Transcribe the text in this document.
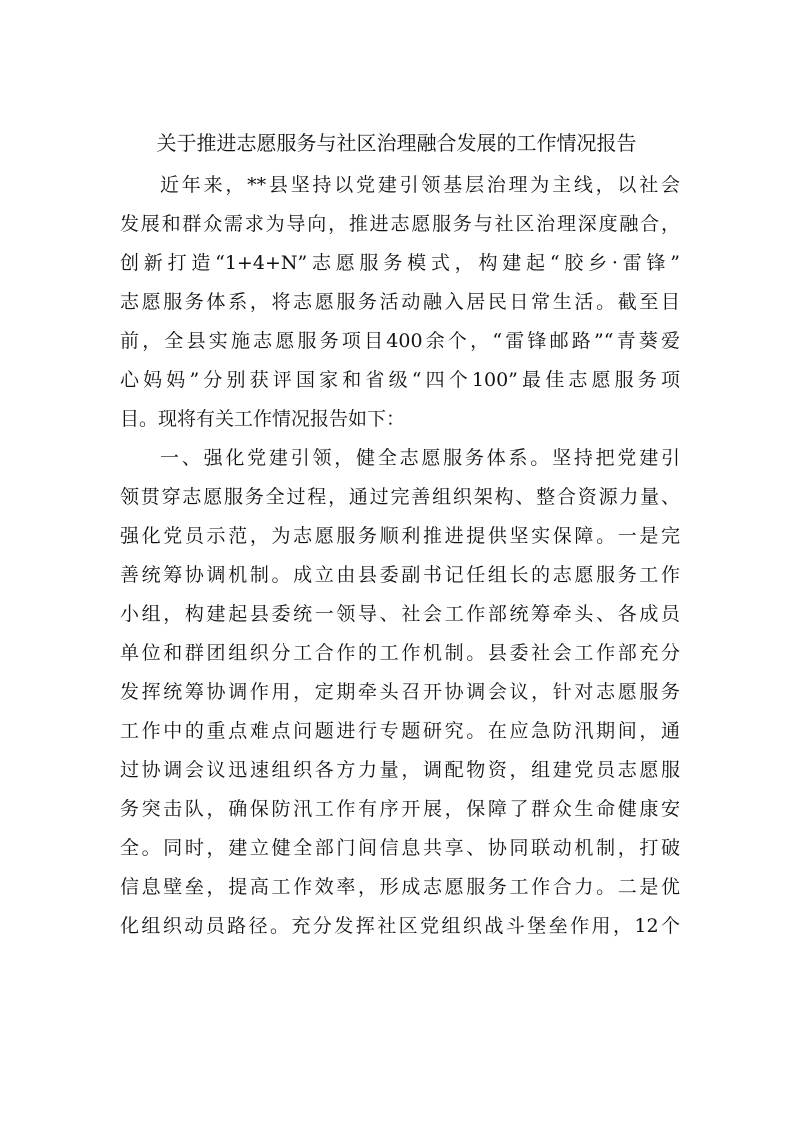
关于推进志愿服务与社区治理融合发展的工作情况报告
近年来，**县坚持以党建引领基层治理为主线，以社会
发展和群众需求为导向，推进志愿服务与社区治理深度融合，
创新打造“1+4+N”志愿服务模式，构建起“胶乡·雷锋”
志愿服务体系，将志愿服务活动融入居民日常生活。截至目
前，全县实施志愿服务项目400余个，“雷锋邮路”“青葵爱
心妈妈”分别获评国家和省级“四个100”最佳志愿服务项
目。现将有关工作情况报告如下：
一、强化党建引领，健全志愿服务体系。坚持把党建引
领贯穿志愿服务全过程，通过完善组织架构、整合资源力量、
强化党员示范，为志愿服务顺利推进提供坚实保障。一是完
善统筹协调机制。成立由县委副书记任组长的志愿服务工作
小组，构建起县委统一领导、社会工作部统筹牵头、各成员
单位和群团组织分工合作的工作机制。县委社会工作部充分
发挥统筹协调作用，定期牵头召开协调会议，针对志愿服务
工作中的重点难点问题进行专题研究。在应急防汛期间，通
过协调会议迅速组织各方力量，调配物资，组建党员志愿服
务突击队，确保防汛工作有序开展，保障了群众生命健康安
全。同时，建立健全部门间信息共享、协同联动机制，打破
信息壁垒，提高工作效率，形成志愿服务工作合力。二是优
化组织动员路径。充分发挥社区党组织战斗堡垒作用，12个
